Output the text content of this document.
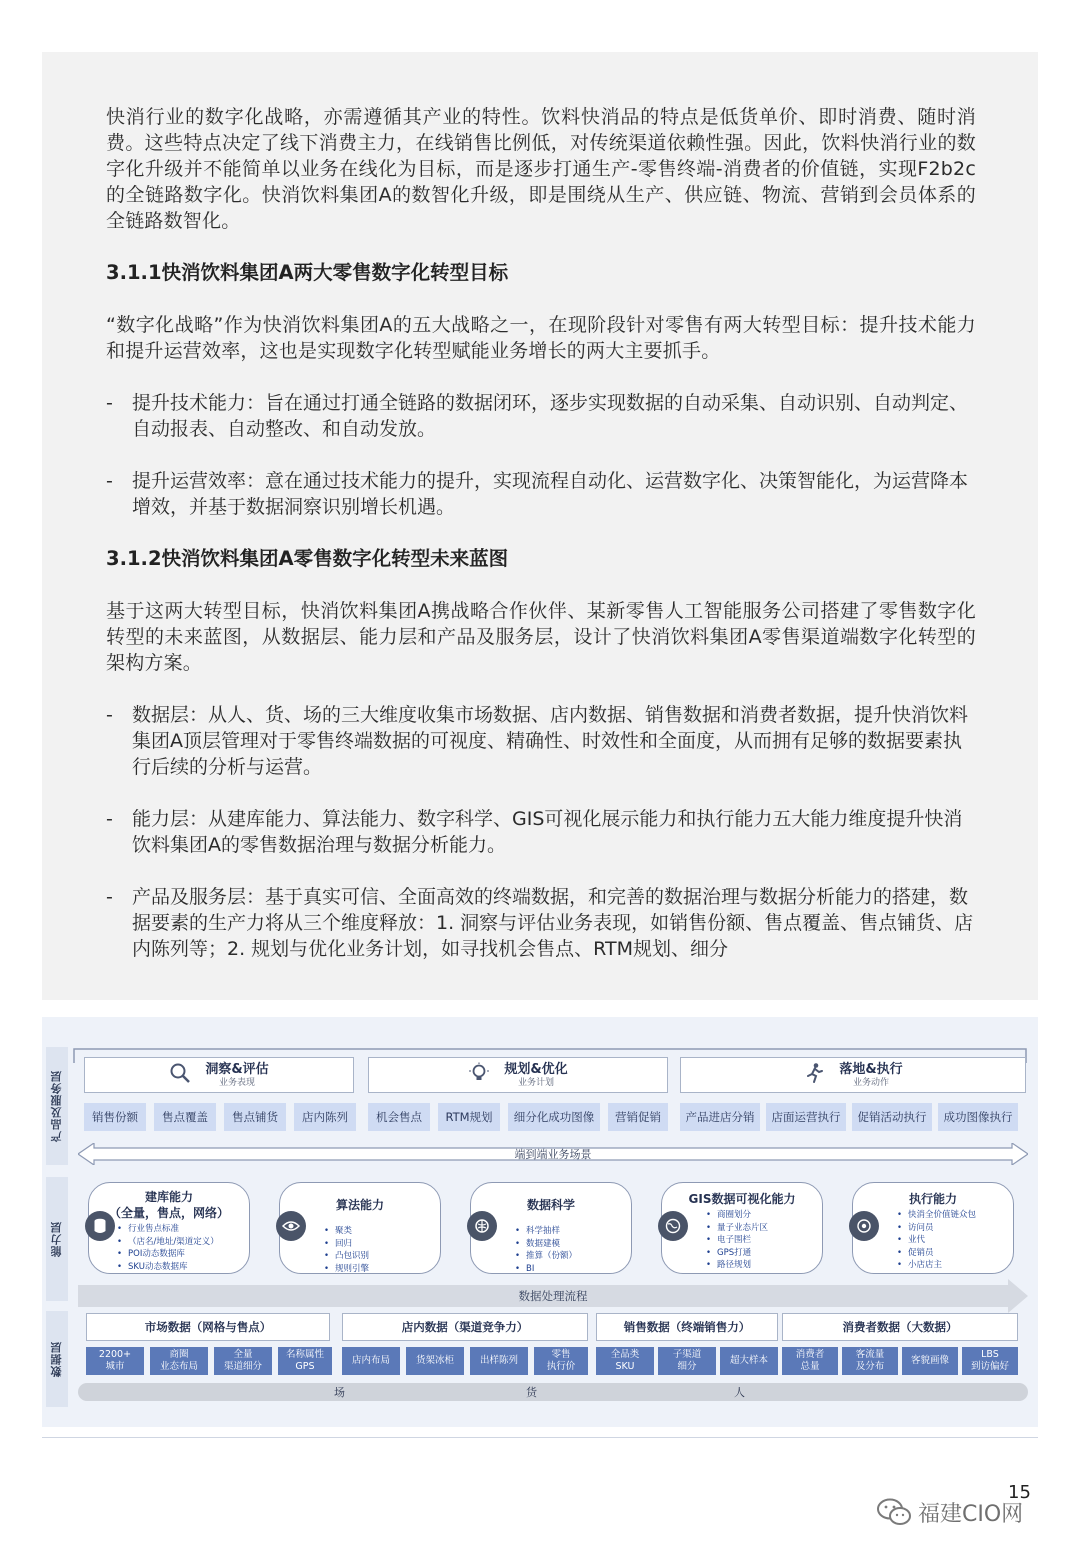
快消行业的数字化战略，亦需遵循其产业的特性。饮料快消品的特点是低货单价、即时消费、随时消费。这些特点决定了线下消费主力，在线销售比例低，对传统渠道依赖性强。因此，饮料快消行业的数字化升级并不能简单以业务在线化为目标，而是逐步打通生产-零售终端-消费者的价值链，实现F2b2c的全链路数字化。快消饮料集团A的数智化升级，即是围绕从生产、供应链、物流、营销到会员体系的全链路数智化。

3.1.1快消饮料集团A两大零售数字化转型目标

“数字化战略”作为快消饮料集团A的五大战略之一，在现阶段针对零售有两大转型目标：提升技术能力和提升运营效率，这也是实现数字化转型赋能业务增长的两大主要抓手。

- 提升技术能力：旨在通过打通全链路的数据闭环，逐步实现数据的自动采集、自动识别、自动判定、自动报表、自动整改、和自动发放。
- 提升运营效率：意在通过技术能力的提升，实现流程自动化、运营数字化、决策智能化，为运营降本增效，并基于数据洞察识别增长机遇。
3.1.2快消饮料集团A零售数字化转型未来蓝图

基于这两大转型目标，快消饮料集团A携战略合作伙伴、某新零售人工智能服务公司搭建了零售数字化转型的未来蓝图，从数据层、能力层和产品及服务层，设计了快消饮料集团A零售渠道端数字化转型的架构方案。

- 数据层：从人、货、场的三大维度收集市场数据、店内数据、销售数据和消费者数据，提升快消饮料集团A顶层管理对于零售终端数据的可视度、精确性、时效性和全面度，从而拥有足够的数据要素执行后续的分析与运营。
- 能力层：从建库能力、算法能力、数字科学、GIS可视化展示能力和执行能力五大能力维度提升快消饮料集团A的零售数据治理与数据分析能力。
- 产品及服务层：基于真实可信、全面高效的终端数据，和完善的数据治理与数据分析能力的搭建，数据要素的生产力将从三个维度释放：1. 洞察与评估业务表现，如销售份额、售点覆盖、售点铺货、店内陈列等；2. 规划与优化业务计划，如寻找机会售点、RTM规划、细分
产品及服务层
能力层
数据层
洞察&评估
业务表现
规划&优化
业务计划
落地&执行
业务动作
销售份额	售点覆盖	售点铺货	店内陈列	机会售点	RTM规划	细分化成功图像	营销促销	产品进店分销	店面运营执行	促销活动执行	成功图像执行
端到端业务场景
建库能力
（全量，售点，网络）
• 行业售点标准
• （店名/地址/渠道定义）
• POI动态数据库
• SKU动态数据库
算法能力
• 聚类
• 回归
• 凸包识别
• 规则引擎
数据科学
• 科学抽样
• 数据建模
• 推算（份额）
• BI
GIS数据可视化能力
• 商圈划分
• 量子业态片区
• 电子围栏
• GPS打通
• 路径规划
执行能力
• 快消全价值链众包
• 访问员
• 业代
• 促销员
• 小店店主
数据处理流程
市场数据（网格与售点）	店内数据（渠道竞争力）	销售数据（终端销售力）	消费者数据（大数据）
2200+
城市
商圈
业态布局
全量
渠道细分
名称属性
GPS
店内布局	货架冰柜	出样陈列
零售
执行价
全品类
SKU
子渠道
细分
超大样本
消费者
总量
客流量
及分布
客貌画像
LBS
到访偏好
场	货	人
15
福建CIO网
